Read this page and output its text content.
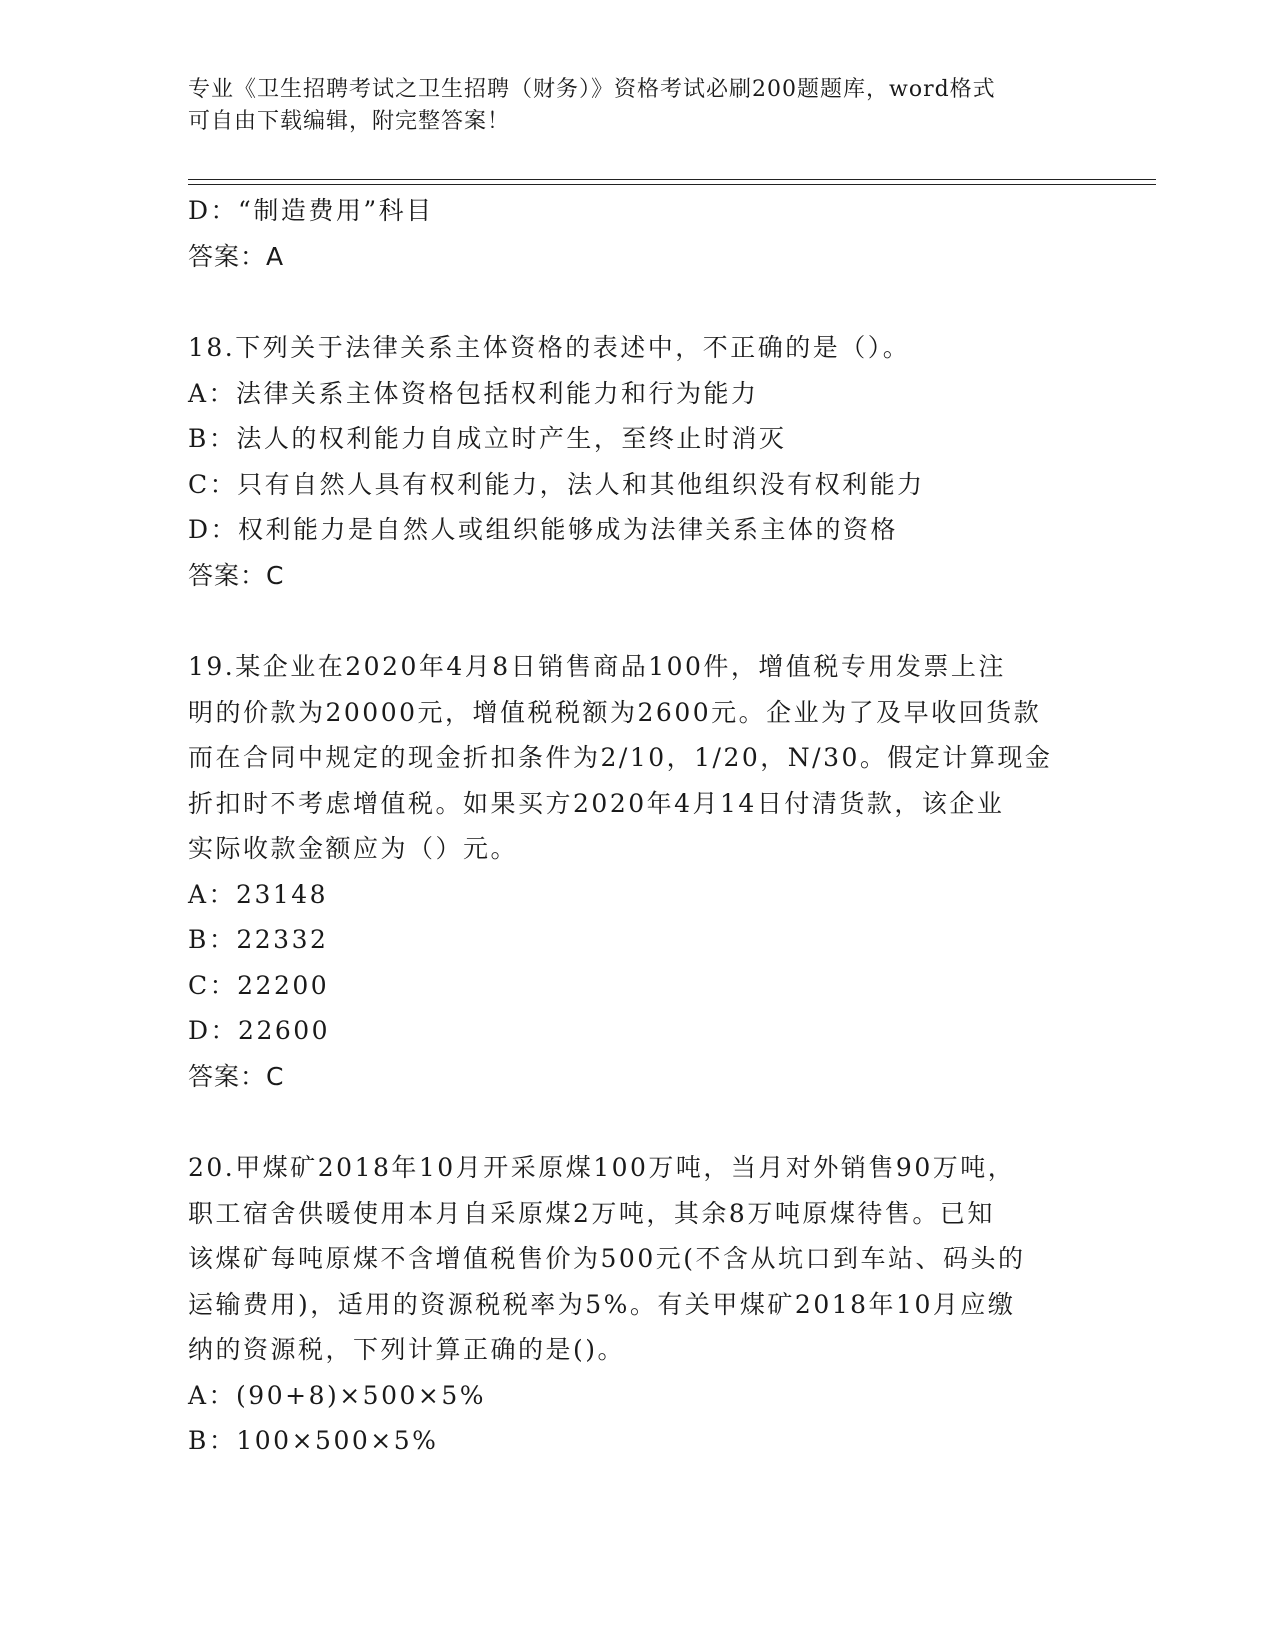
专业《卫生招聘考试之卫生招聘（财务）》资格考试必刷200题题库，word格式
可自由下载编辑，附完整答案！
D：“制造费用”科目
答案：A
18.下列关于法律关系主体资格的表述中，不正确的是（）。
A：法律关系主体资格包括权利能力和行为能力
B：法人的权利能力自成立时产生，至终止时消灭
C：只有自然人具有权利能力，法人和其他组织没有权利能力
D：权利能力是自然人或组织能够成为法律关系主体的资格
答案：C
19.某企业在2020年4月8日销售商品100件，增值税专用发票上注
明的价款为20000元，增值税税额为2600元。企业为了及早收回货款
而在合同中规定的现金折扣条件为2/10，1/20，N/30。假定计算现金
折扣时不考虑增值税。如果买方2020年4月14日付清货款，该企业
实际收款金额应为（）元。
A：23148
B：22332
C：22200
D：22600
答案：C
20.甲煤矿2018年10月开采原煤100万吨，当月对外销售90万吨，
职工宿舍供暖使用本月自采原煤2万吨，其余8万吨原煤待售。已知
该煤矿每吨原煤不含增值税售价为500元(不含从坑口到车站、码头的
运输费用)，适用的资源税税率为5%。有关甲煤矿2018年10月应缴
纳的资源税，下列计算正确的是()。
A：(90+8)×500×5%
B：100×500×5%
